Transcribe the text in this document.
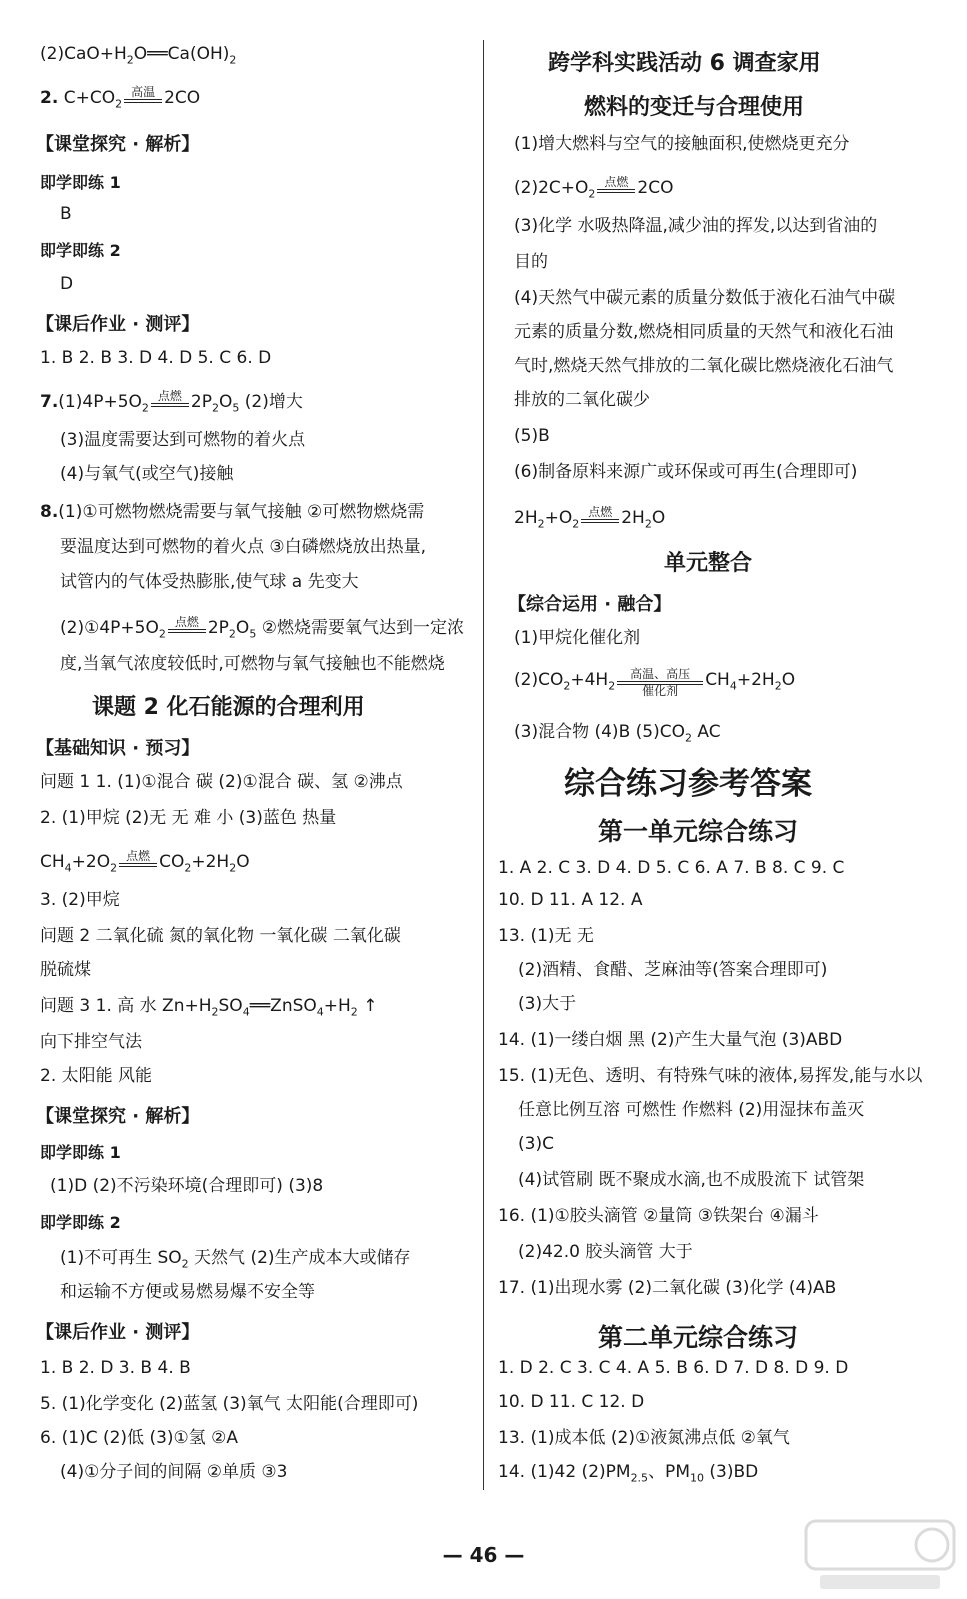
$(2)CaO+H_2O══Ca(OH)_2$
2. $C+CO_2$
高温
2CO
【课堂探究 · 解析】
即学即练 1
B
即学即练 2
D
【课后作业 · 测评】
1. B 2. B 3. D 4. D 5. C 6. D
$7.(1)4P+5O_2$
点燃
$2P_2O_5$ (2)增大
(3)温度需要达到可燃物的着火点
(4)与氧气(或空气)接触
8.(1)①可燃物燃烧需要与氧气接触 ②可燃物燃烧需
要温度达到可燃物的着火点 ③白磷燃烧放出热量,
试管内的气体受热膨胀,使气球 a 先变大
$(2)①4P+5O_2$
点燃
$2P_2O_5$ ②燃烧需要氧气达到一定浓
度,当氧气浓度较低时,可燃物与氧气接触也不能燃烧
课题 2 化石能源的合理利用
【基础知识 · 预习】
问题 1 1. (1)①混合 碳 (2)①混合 碳、氢 ②沸点
2. (1)甲烷 (2)无 无 难 小 (3)蓝色 热量
$CH_4+2O_2$
点燃
$CO_2+2H_2O$
3. (2)甲烷
问题 2 二氧化硫 氮的氧化物 一氧化碳 二氧化碳
脱硫煤
问题 3 1. 高 水 $Zn+H_2SO_4══ZnSO_4+H_2$ ↑
向下排空气法
2. 太阳能 风能
【课堂探究 · 解析】
即学即练 1
(1)D (2)不污染环境(合理即可) (3)8
即学即练 2
(1)不可再生 $SO_2$ 天然气 (2)生产成本大或储存
和运输不方便或易燃易爆不安全等
【课后作业 · 测评】
1. B 2. D 3. B 4. B
5. (1)化学变化 (2)蓝氢 (3)氧气 太阳能(合理即可)
6. (1)C (2)低 (3)①氢 ②A
(4)①分子间的间隔 ②单质 ③3
跨学科实践活动 6 调查家用
燃料的变迁与合理使用
(1)增大燃料与空气的接触面积,使燃烧更充分
$(2)2C+O_2$
点燃
2CO
(3)化学 水吸热降温,减少油的挥发,以达到省油的
目的
(4)天然气中碳元素的质量分数低于液化石油气中碳
元素的质量分数,燃烧相同质量的天然气和液化石油
气时,燃烧天然气排放的二氧化碳比燃烧液化石油气
排放的二氧化碳少
(5)B
(6)制备原料来源广或环保或可再生(合理即可)
$2H_2+O_2$
点燃
$2H_2O$
单元整合
【综合运用 · 融合】
(1)甲烷化催化剂
$(2)CO_2+4H_2$
高温、高压
催化剂
$CH_4+2H_2O$
(3)混合物 (4)B $(5)CO_2$ AC
综合练习参考答案
第一单元综合练习
1. A 2. C 3. D 4. D 5. C 6. A 7. B 8. C 9. C
10. D 11. A 12. A
13. (1)无 无
(2)酒精、食醋、芝麻油等(答案合理即可)
(3)大于
14. (1)一缕白烟 黑 (2)产生大量气泡 (3)ABD
15. (1)无色、透明、有特殊气味的液体,易挥发,能与水以
任意比例互溶 可燃性 作燃料 (2)用湿抹布盖灭
(3)C
(4)试管刷 既不聚成水滴,也不成股流下 试管架
16. (1)①胶头滴管 ②量筒 ③铁架台 ④漏斗
(2)42.0 胶头滴管 大于
17. (1)出现水雾 (2)二氧化碳 (3)化学 (4)AB
第二单元综合练习
1. D 2. C 3. C 4. A 5. B 6. D 7. D 8. D 9. D
10. D 11. C 12. D
13. (1)成本低 (2)①液氮沸点低 ②氧气
14. (1)42 $(2)PM_{2.5}$、$PM_{10}$ (3)BD
— 46 —
